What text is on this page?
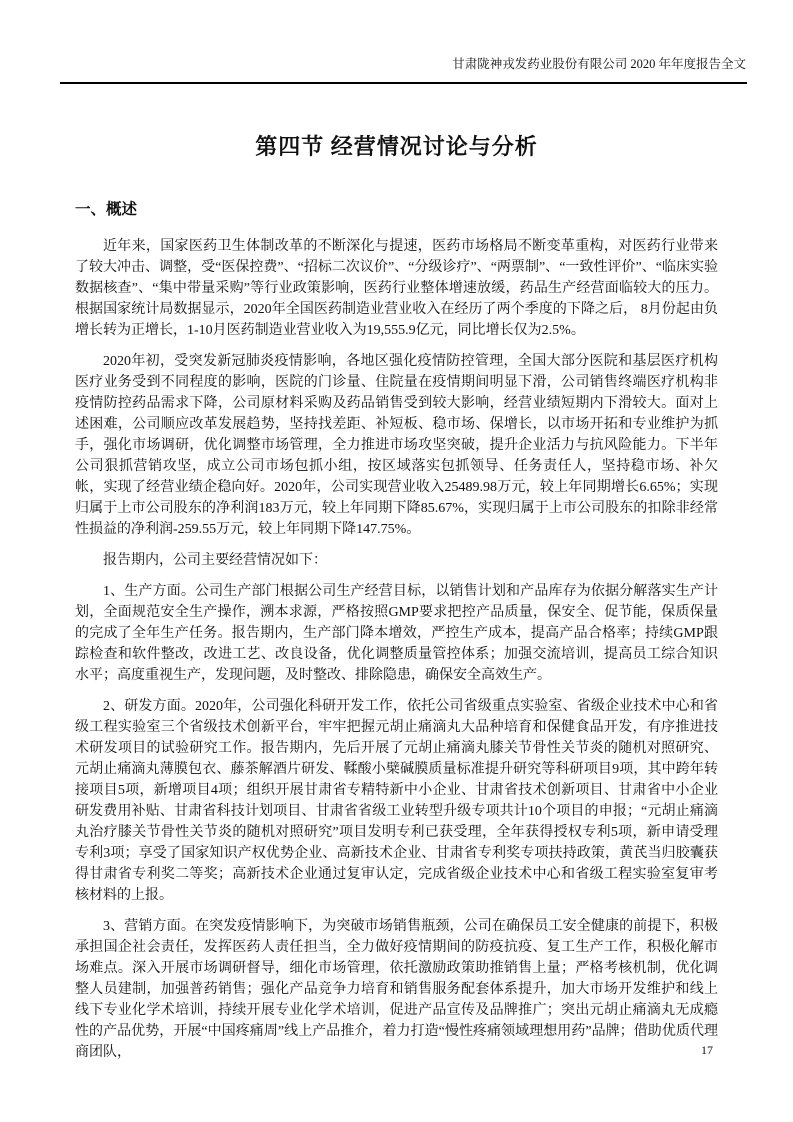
甘肃陇神戎发药业股份有限公司 2020 年年度报告全文
第四节 经营情况讨论与分析
一、概述

近年来，国家医药卫生体制改革的不断深化与提速，医药市场格局不断变革重构，对医药行业带来了较大冲击、调整，受“医保控费”、“招标二次议价”、“分级诊疗”、“两票制”、“一致性评价”、“临床实验数据核查”、“集中带量采购”等行业政策影响，医药行业整体增速放缓，药品生产经营面临较大的压力。根据国家统计局数据显示，2020年全国医药制造业营业收入在经历了两个季度的下降之后， 8月份起由负增长转为正增长，1-10月医药制造业营业收入为19,555.9亿元，同比增长仅为2.5%。

2020年初，受突发新冠肺炎疫情影响，各地区强化疫情防控管理，全国大部分医院和基层医疗机构医疗业务受到不同程度的影响，医院的门诊量、住院量在疫情期间明显下滑，公司销售终端医疗机构非疫情防控药品需求下降，公司原材料采购及药品销售受到较大影响，经营业绩短期内下滑较大。面对上述困难，公司顺应改革发展趋势，坚持找差距、补短板、稳市场、保增长，以市场开拓和专业维护为抓手，强化市场调研，优化调整市场管理，全力推进市场攻坚突破，提升企业活力与抗风险能力。下半年公司狠抓营销攻坚，成立公司市场包抓小组，按区域落实包抓领导、任务责任人，坚持稳市场、补欠帐，实现了经营业绩企稳向好。2020年，公司实现营业收入25489.98万元，较上年同期增长6.65%；实现归属于上市公司股东的净利润183万元，较上年同期下降85.67%，实现归属于上市公司股东的扣除非经常性损益的净利润-259.55万元，较上年同期下降147.75%。

报告期内，公司主要经营情况如下：

1、生产方面。公司生产部门根据公司生产经营目标，以销售计划和产品库存为依据分解落实生产计划，全面规范安全生产操作，溯本求源，严格按照GMP要求把控产品质量，保安全、促节能，保质保量的完成了全年生产任务。报告期内，生产部门降本增效，严控生产成本，提高产品合格率；持续GMP跟踪检查和软件整改，改进工艺、改良设备，优化调整质量管控体系；加强交流培训，提高员工综合知识水平；高度重视生产，发现问题，及时整改、排除隐患，确保安全高效生产。

2、研发方面。2020年，公司强化科研开发工作，依托公司省级重点实验室、省级企业技术中心和省级工程实验室三个省级技术创新平台，牢牢把握元胡止痛滴丸大品种培育和保健食品开发，有序推进技术研发项目的试验研究工作。报告期内，先后开展了元胡止痛滴丸膝关节骨性关节炎的随机对照研究、元胡止痛滴丸薄膜包衣、藤茶解酒片研发、鞣酸小檗碱膜质量标准提升研究等科研项目9项，其中跨年转接项目5项，新增项目4项；组织开展甘肃省专精特新中小企业、甘肃省技术创新项目、甘肃省中小企业研发费用补贴、甘肃省科技计划项目、甘肃省省级工业转型升级专项共计10个项目的申报；“元胡止痛滴丸治疗膝关节骨性关节炎的随机对照研究”项目发明专利已获受理，全年获得授权专利5项，新申请受理专利3项；享受了国家知识产权优势企业、高新技术企业、甘肃省专利奖专项扶持政策，黄芪当归胶囊获得甘肃省专利奖二等奖；高新技术企业通过复审认定，完成省级企业技术中心和省级工程实验室复审考核材料的上报。

3、营销方面。在突发疫情影响下，为突破市场销售瓶颈，公司在确保员工安全健康的前提下，积极承担国企社会责任，发挥医药人责任担当，全力做好疫情期间的防疫抗疫、复工生产工作，积极化解市场难点。深入开展市场调研督导，细化市场管理，依托激励政策助推销售上量；严格考核机制，优化调整人员建制，加强普药销售；强化产品竞争力培育和销售服务配套体系提升，加大市场开发维护和线上线下专业化学术培训，持续开展专业化学术培训，促进产品宣传及品牌推广；突出元胡止痛滴丸无成瘾性的产品优势，开展“中国疼痛周”线上产品推介，着力打造“慢性疼痛领域理想用药”品牌；借助优质代理商团队，	17
